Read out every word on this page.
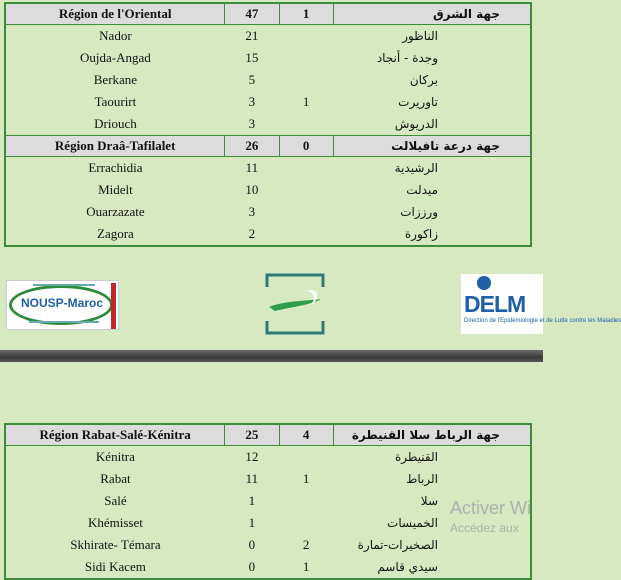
Région de l'Oriental	47	1	جهة الشرق
Nador	21		الناظور
Oujda-Angad	15		وجدة - أنجاد
Berkane	5		بركان
Taourirt	3	1	تاوريرت
Driouch	3		الدريوش
Région Draâ-Tafilalet	26	0	جهة درعة تافيلالت
Errachidia	11		الرشيدية
Midelt	10		ميدلت
Ouarzazate	3		ورززات
Zagora	2		زاكورة
NOUSP-Maroc	DELM
Direction de l'Epidémiologie et de Lutte contre les Maladies
Région Rabat-Salé-Kénitra	25	4	جهة الرباط سلا القنيطرة
Kénitra	12		القنيطرة
Rabat	11	1	الرباط
Salé	1		سلا
Khémisset	1		الخميسات
Skhirate- Témara	0	2	الصخيرات-تمارة
Sidi Kacem	0	1	سيدي قاسم
Activer Wi
Accédez aux
